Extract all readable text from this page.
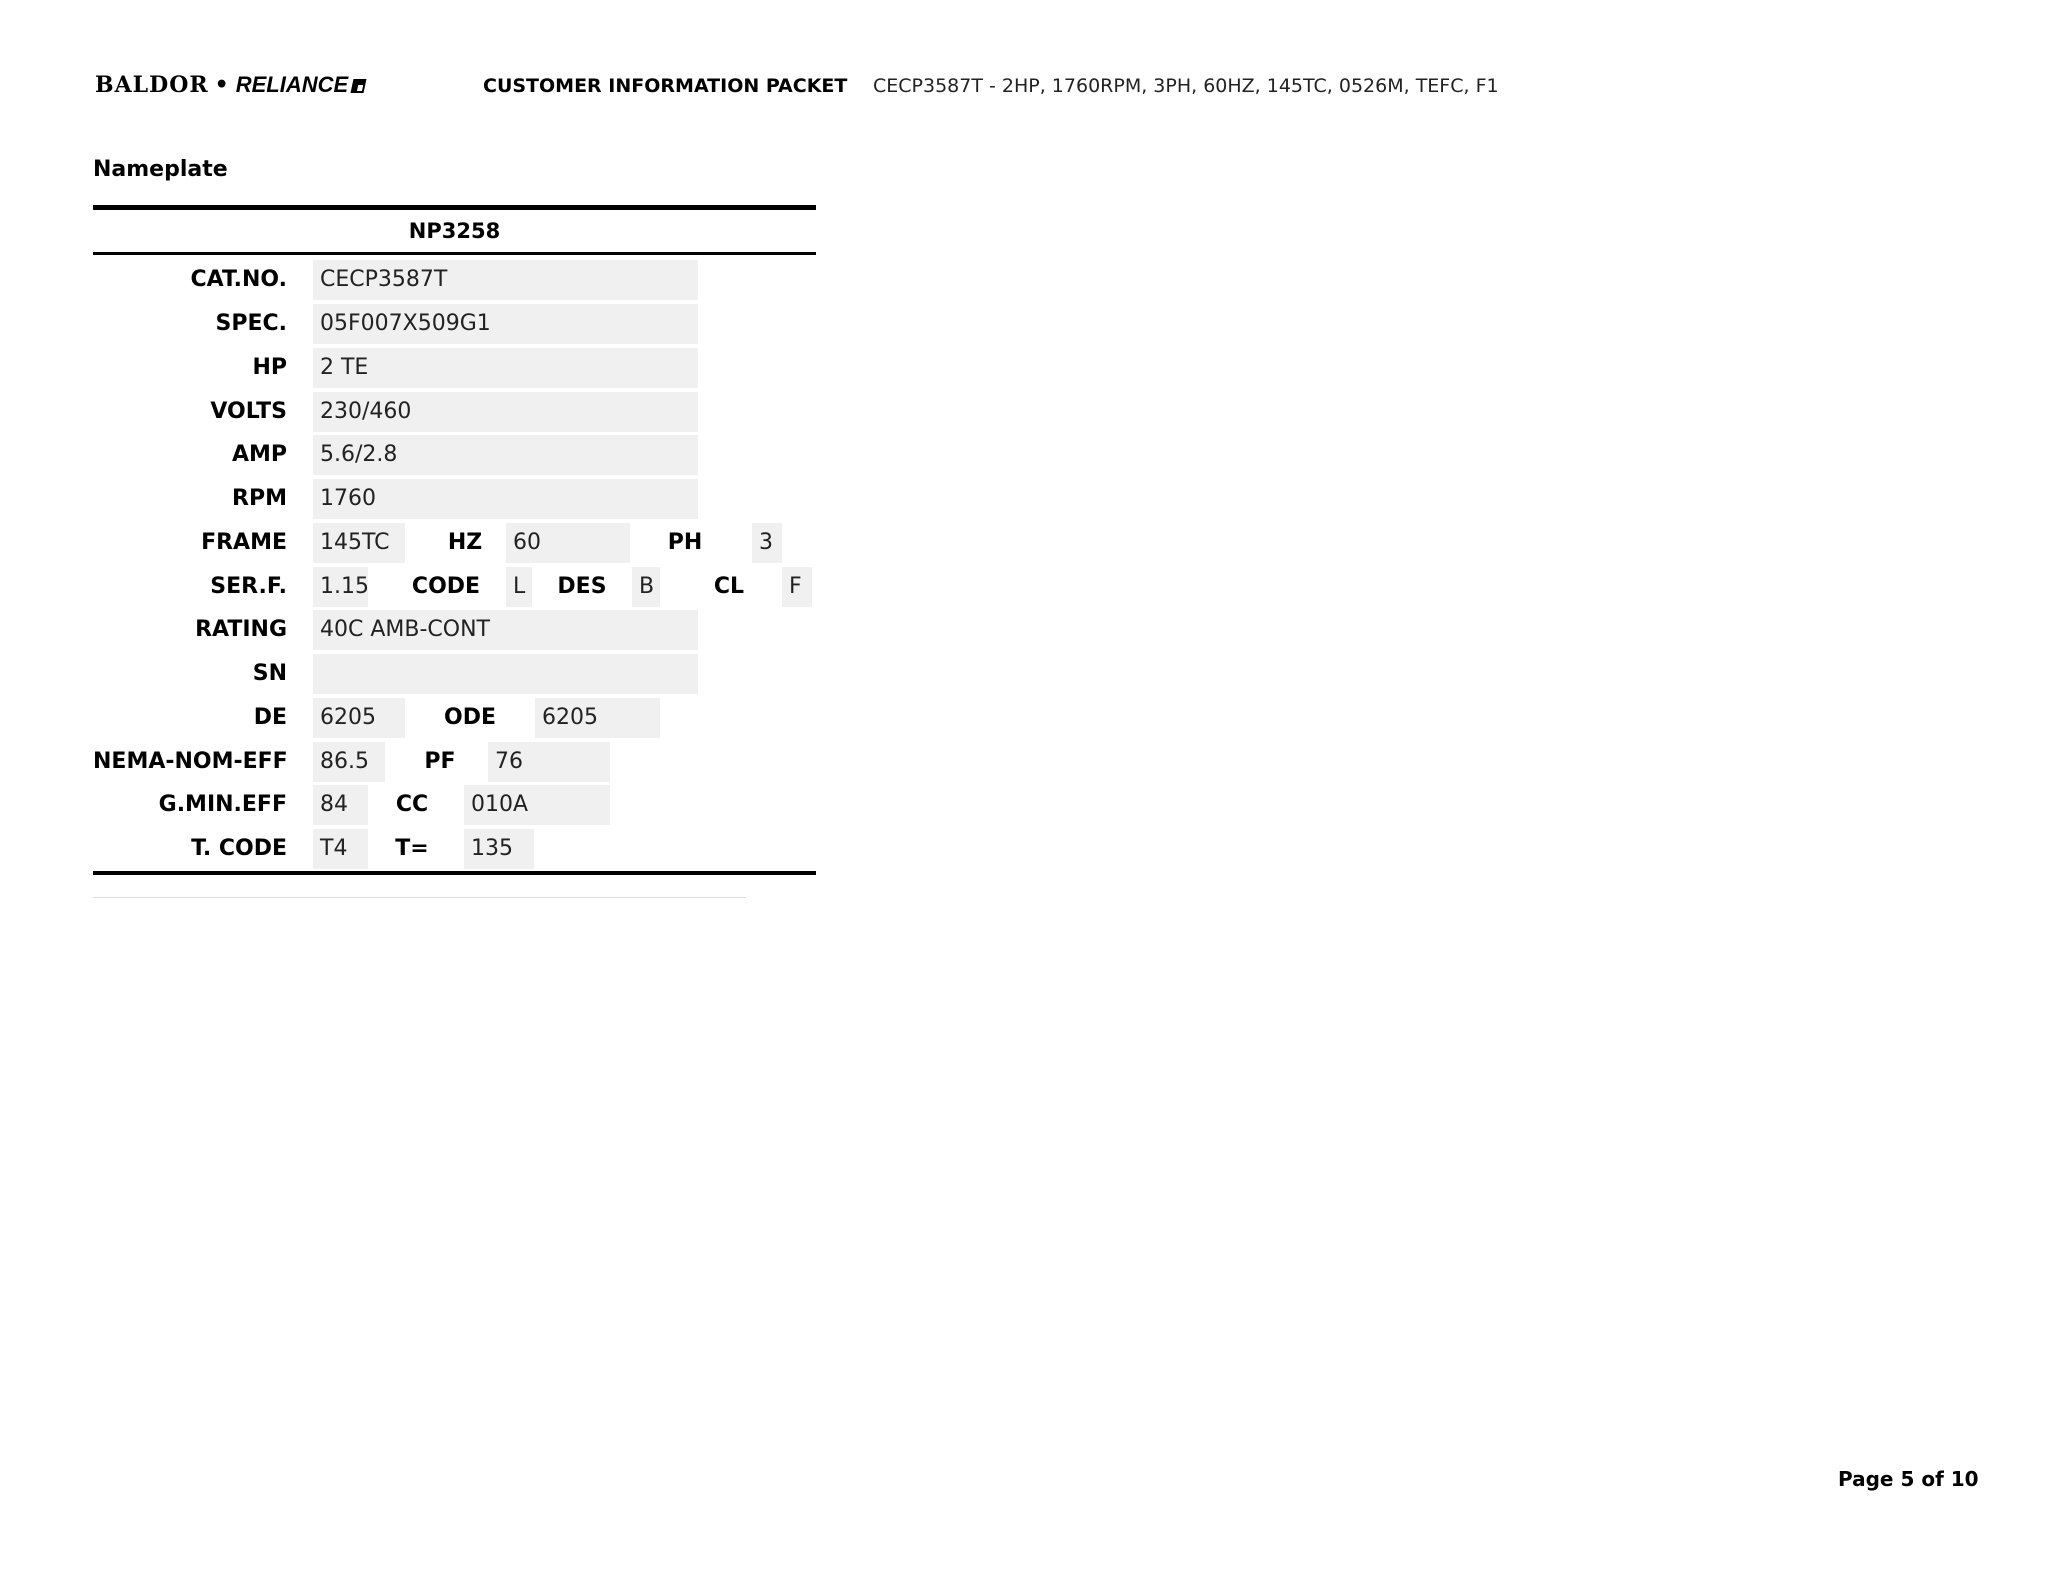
BALDOR • RELIANCE	CUSTOMER INFORMATION PACKET CECP3587T - 2HP, 1760RPM, 3PH, 60HZ, 145TC, 0526M, TEFC, F1
Nameplate
NP3258
CAT.NO.	CECP3587T
SPEC.	05F007X509G1
HP	2 TE
VOLTS	230/460
AMP	5.6/2.8
RPM	1760
FRAME	145TC	HZ	60	PH	3
SER.F.	1.15 CODE	L	DES	B	CL	F
RATING	40C AMB-CONT
SN
DE	6205	ODE	6205
NEMA-NOM-EFF	86.5	PF	76
G.MIN.EFF	84	CC	010A
T. CODE	T4	T=	135
Page 5 of 10
